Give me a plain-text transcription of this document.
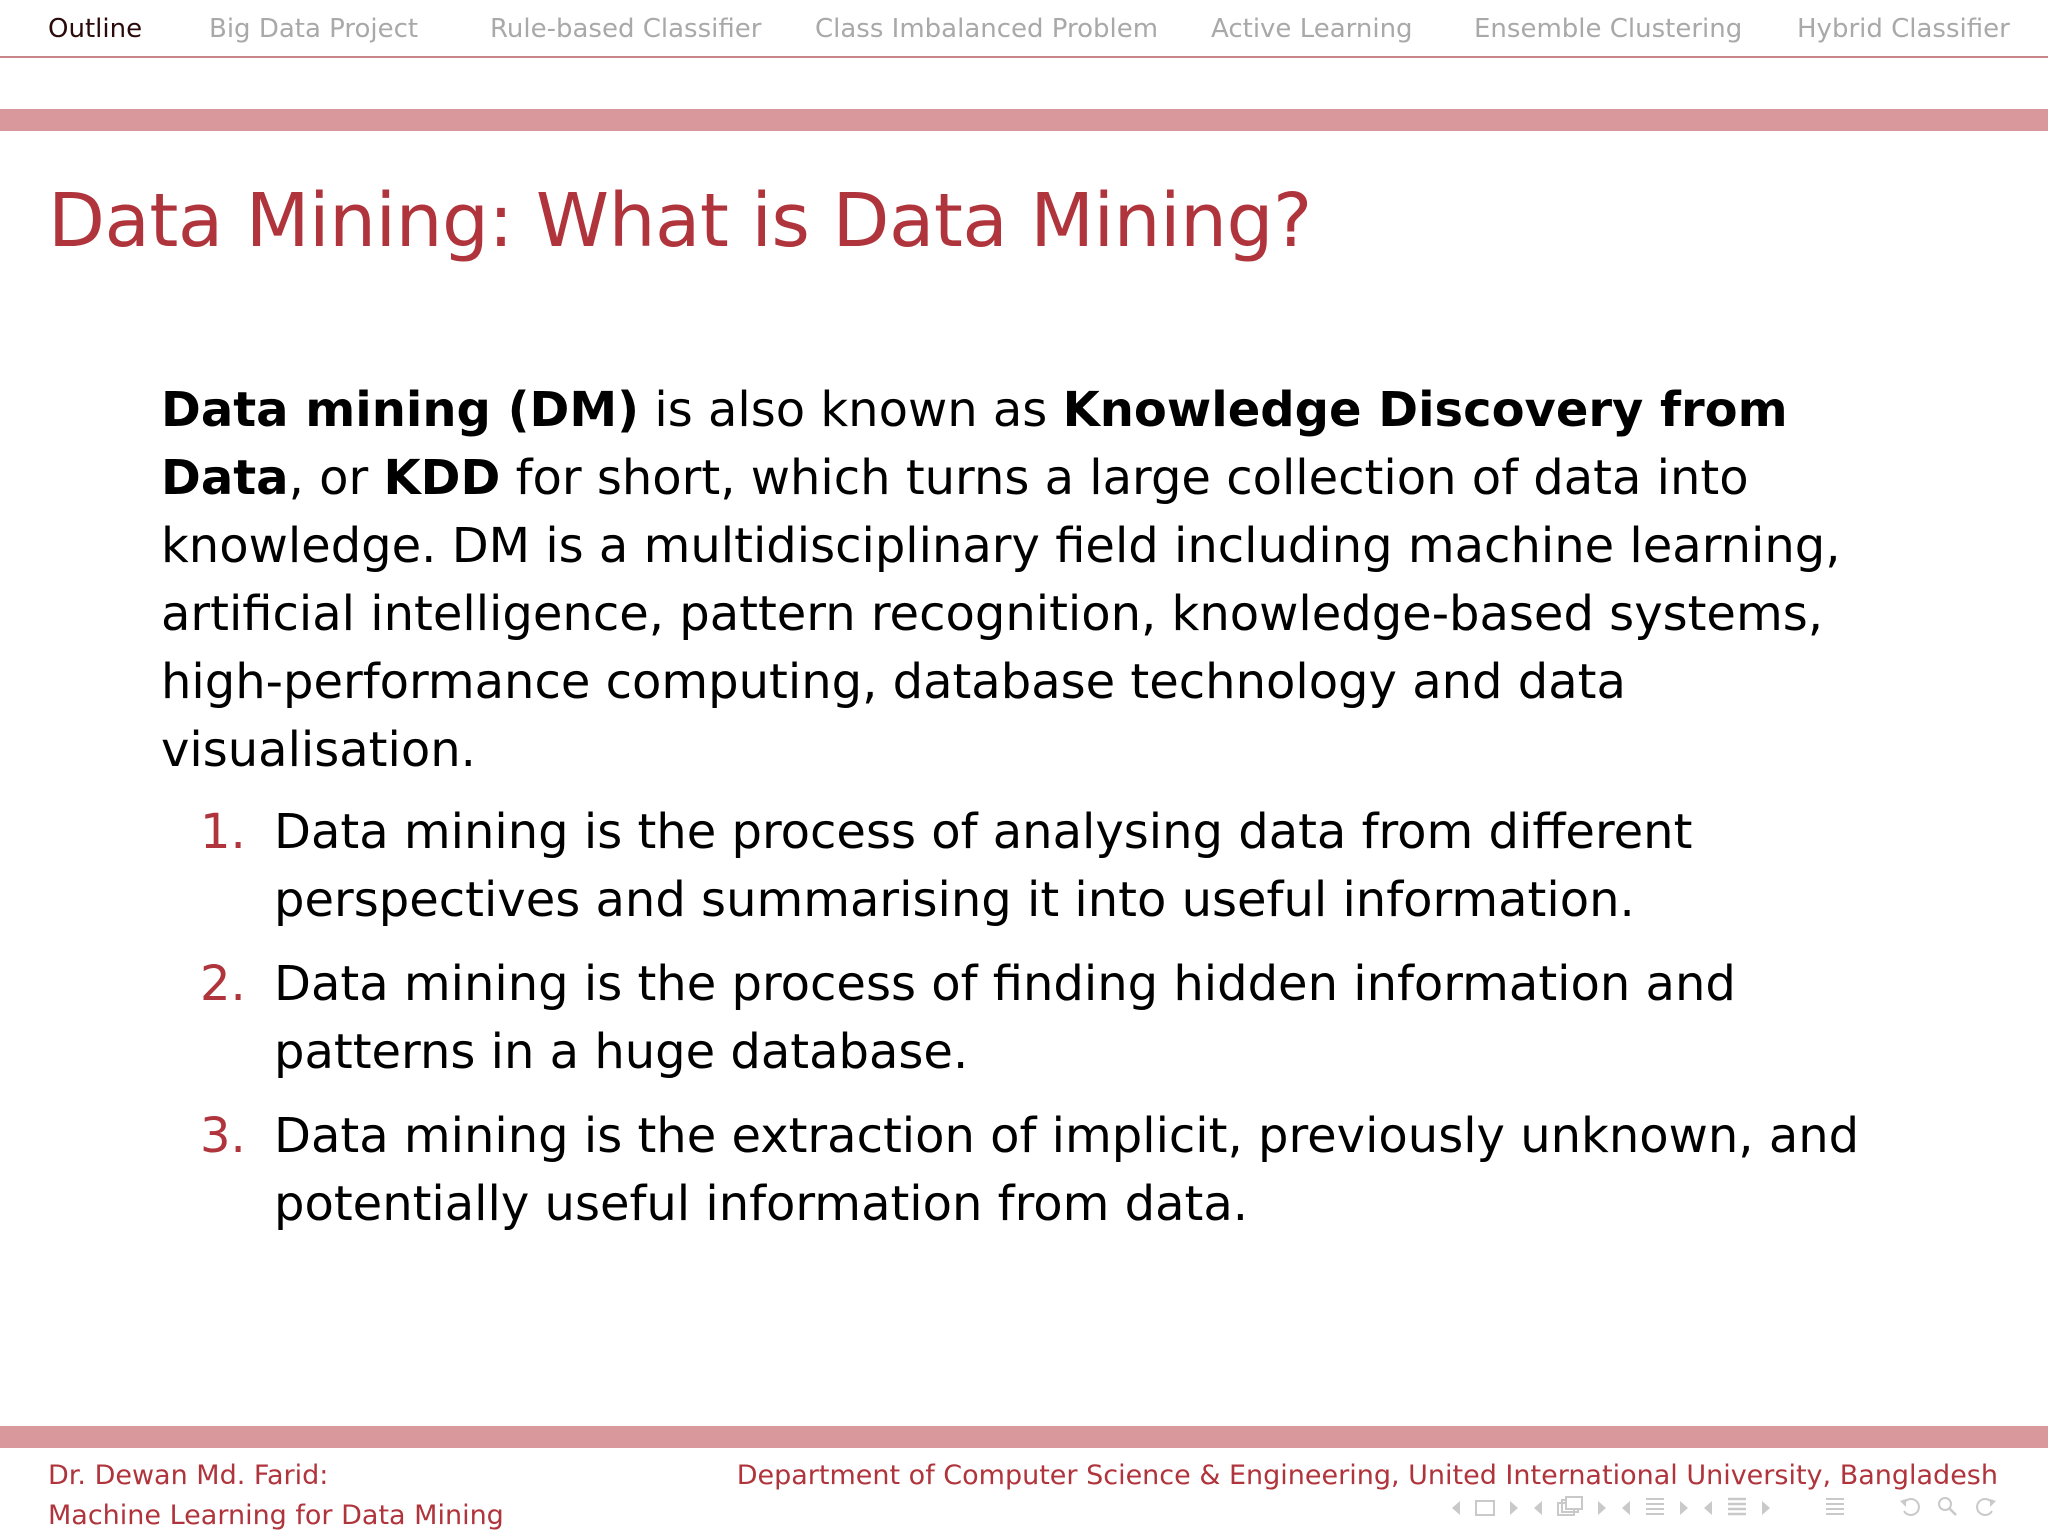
Outline	Big Data Project	Rule-based Classifier Class Imbalanced Problem Active Learning Ensemble Clustering Hybrid Classifier
Data Mining: What is Data Mining?
Data mining (DM) is also known as Knowledge Discovery from Data, or KDD for short, which turns a large collection of data into knowledge. DM is a multidisciplinary field including machine learning, artificial intelligence, pattern recognition, knowledge-based systems, high-performance computing, database technology and data visualisation.
1. Data mining is the process of analysing data from different perspectives and summarising it into useful information.
2. Data mining is the process of finding hidden information and patterns in a huge database.
3. Data mining is the extraction of implicit, previously unknown, and potentially useful information from data.
Dr. Dewan Md. Farid:
Machine Learning for Data Mining
Department of Computer Science & Engineering, United International University, Bangladesh
